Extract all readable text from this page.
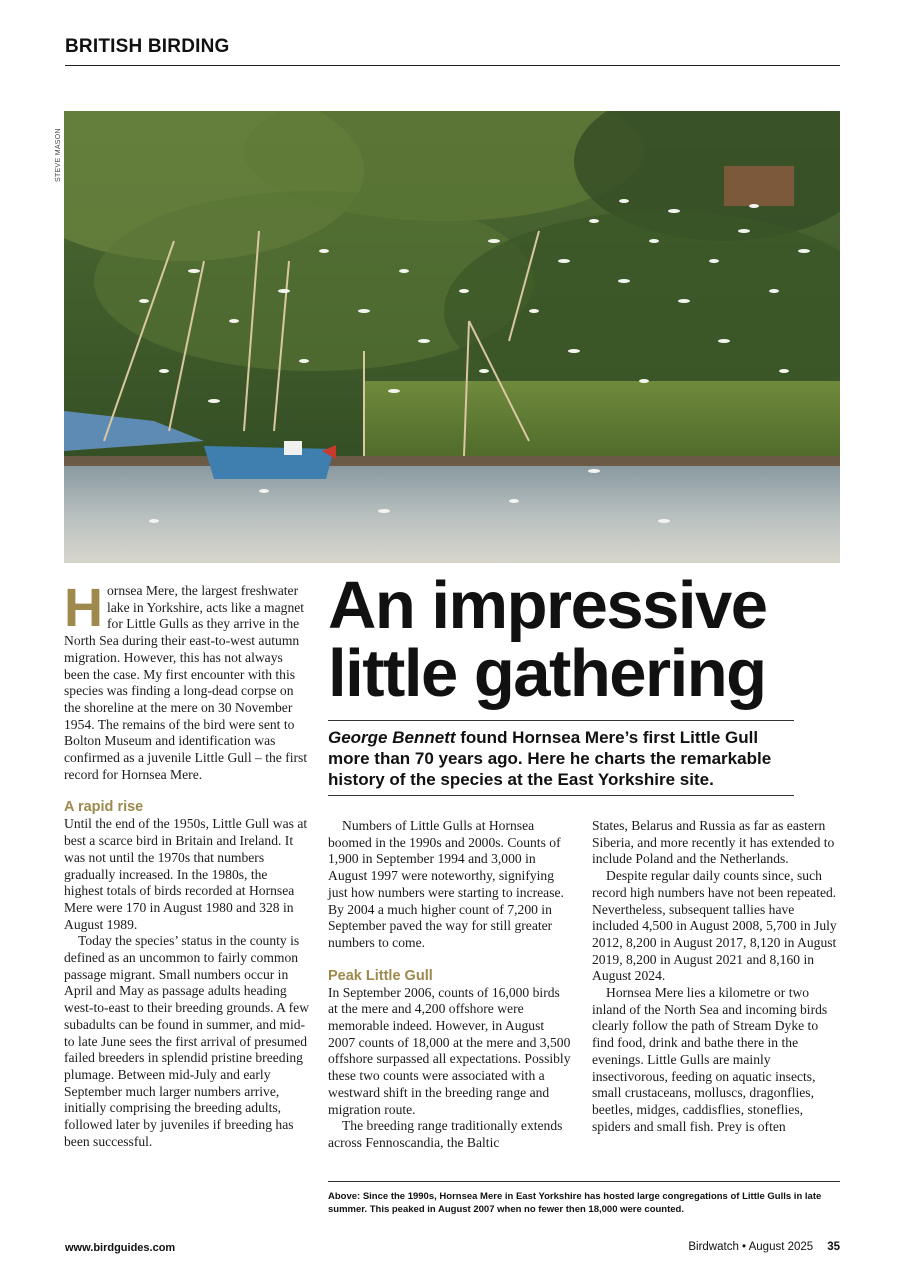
BRITISH BIRDING
STEVE MASON

Hornsea Mere, the largest freshwater lake in Yorkshire, acts like a magnet for Little Gulls as they arrive in the North Sea during their east-to-west autumn migration. However, this has not always been the case. My first encounter with this species was finding a long-dead corpse on the shoreline at the mere on 30 November 1954. The remains of the bird were sent to Bolton Museum and identification was confirmed as a juvenile Little Gull – the first record for Hornsea Mere.

A rapid rise

Until the end of the 1950s, Little Gull was at best a scarce bird in Britain and Ireland. It was not until the 1970s that numbers gradually increased. In the 1980s, the highest totals of birds recorded at Hornsea Mere were 170 in August 1980 and 328 in August 1989.

Today the species’ status in the county is defined as an uncommon to fairly common passage migrant. Small numbers occur in April and May as passage adults heading west-to-east to their breeding grounds. A few subadults can be found in summer, and mid- to late June sees the first arrival of presumed failed breeders in splendid pristine breeding plumage. Between mid-July and early September much larger numbers arrive, initially comprising the breeding adults, followed later by juveniles if breeding has been successful.

An impressive
little gathering
George Bennett found Hornsea Mere’s first Little Gull more than 70 years ago. Here he charts the remarkable history of the species at the East Yorkshire site.

Numbers of Little Gulls at Hornsea boomed in the 1990s and 2000s. Counts of 1,900 in September 1994 and 3,000 in August 1997 were noteworthy, signifying just how numbers were starting to increase. By 2004 a much higher count of 7,200 in September paved the way for still greater numbers to come.

Peak Little Gull

In September 2006, counts of 16,000 birds at the mere and 4,200 offshore were memorable indeed. However, in August 2007 counts of 18,000 at the mere and 3,500 offshore surpassed all expectations. Possibly these two counts were associated with a westward shift in the breeding range and migration route.

The breeding range traditionally extends across Fennoscandia, the Baltic

States, Belarus and Russia as far as eastern Siberia, and more recently it has extended to include Poland and the Netherlands.

Despite regular daily counts since, such record high numbers have not been repeated. Nevertheless, subsequent tallies have included 4,500 in August 2008, 5,700 in July 2012, 8,200 in August 2017, 8,120 in August 2019, 8,200 in August 2021 and 8,160 in August 2024.

Hornsea Mere lies a kilometre or two inland of the North Sea and incoming birds clearly follow the path of Stream Dyke to find food, drink and bathe there in the evenings. Little Gulls are mainly insectivorous, feeding on aquatic insects, small crustaceans, molluscs, dragonflies, beetles, midges, caddisflies, stoneflies, spiders and small fish. Prey is often

Above: Since the 1990s, Hornsea Mere in East Yorkshire has hosted large congregations of Little Gulls in late summer. This peaked in August 2007 when no fewer then 18,000 were counted.
www.birdguides.com	Birdwatch • August 2025 35
